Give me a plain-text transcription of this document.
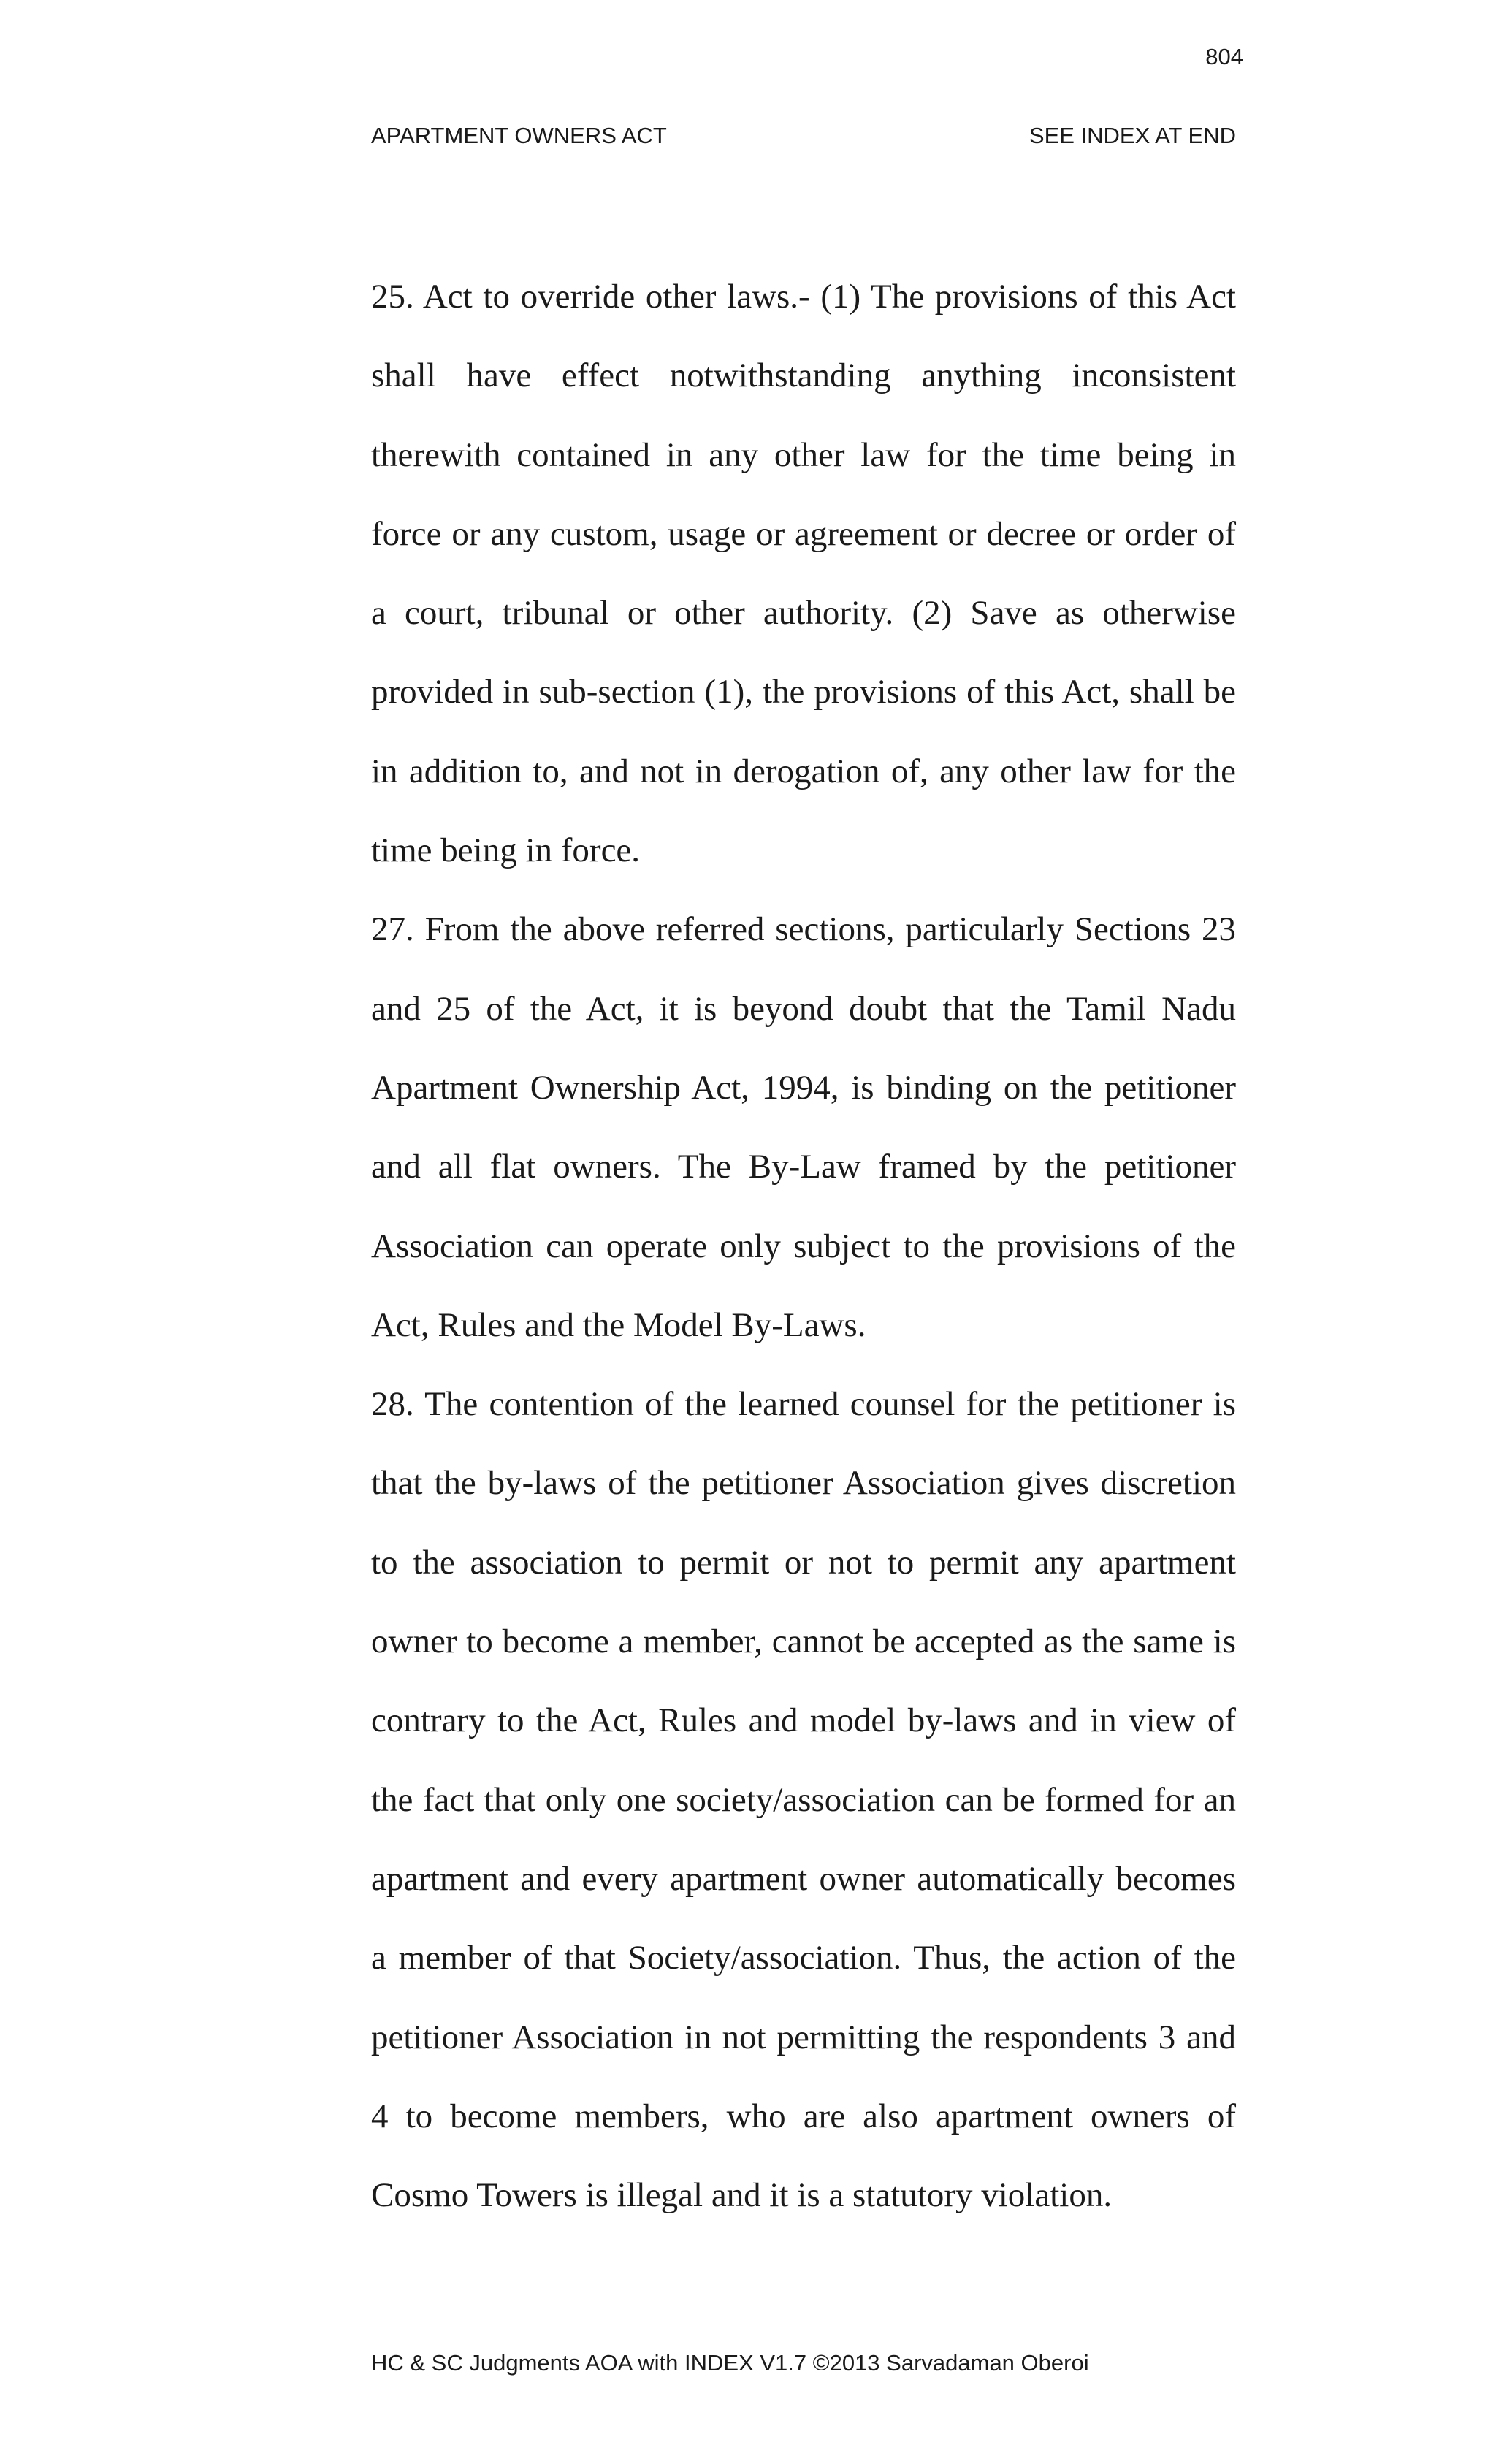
804
APARTMENT OWNERS ACT	SEE INDEX AT END

25. Act to override other laws.- (1) The provisions of this Act shall have effect notwithstanding anything inconsistent therewith contained in any other law for the time being in force or any custom, usage or agreement or decree or order of a court, tribunal or other authority. (2) Save as otherwise provided in sub-section (1), the provisions of this Act, shall be in addition to, and not in derogation of, any other law for the time being in force.

27. From the above referred sections, particularly Sections 23 and 25 of the Act, it is beyond doubt that the Tamil Nadu Apartment Ownership Act, 1994, is binding on the petitioner and all flat owners. The By-Law framed by the petitioner Association can operate only subject to the provisions of the Act, Rules and the Model By-Laws.

28. The contention of the learned counsel for the petitioner is that the by-laws of the petitioner Association gives discretion to the association to permit or not to permit any apartment owner to become a member, cannot be accepted as the same is contrary to the Act, Rules and model by-laws and in view of the fact that only one society/association can be formed for an apartment and every apartment owner automatically becomes a member of that Society/association. Thus, the action of the petitioner Association in not permitting the respondents 3 and 4 to become members, who are also apartment owners of Cosmo Towers is illegal and it is a statutory violation.

HC & SC Judgments AOA with INDEX V1.7 ©2013 Sarvadaman Oberoi
